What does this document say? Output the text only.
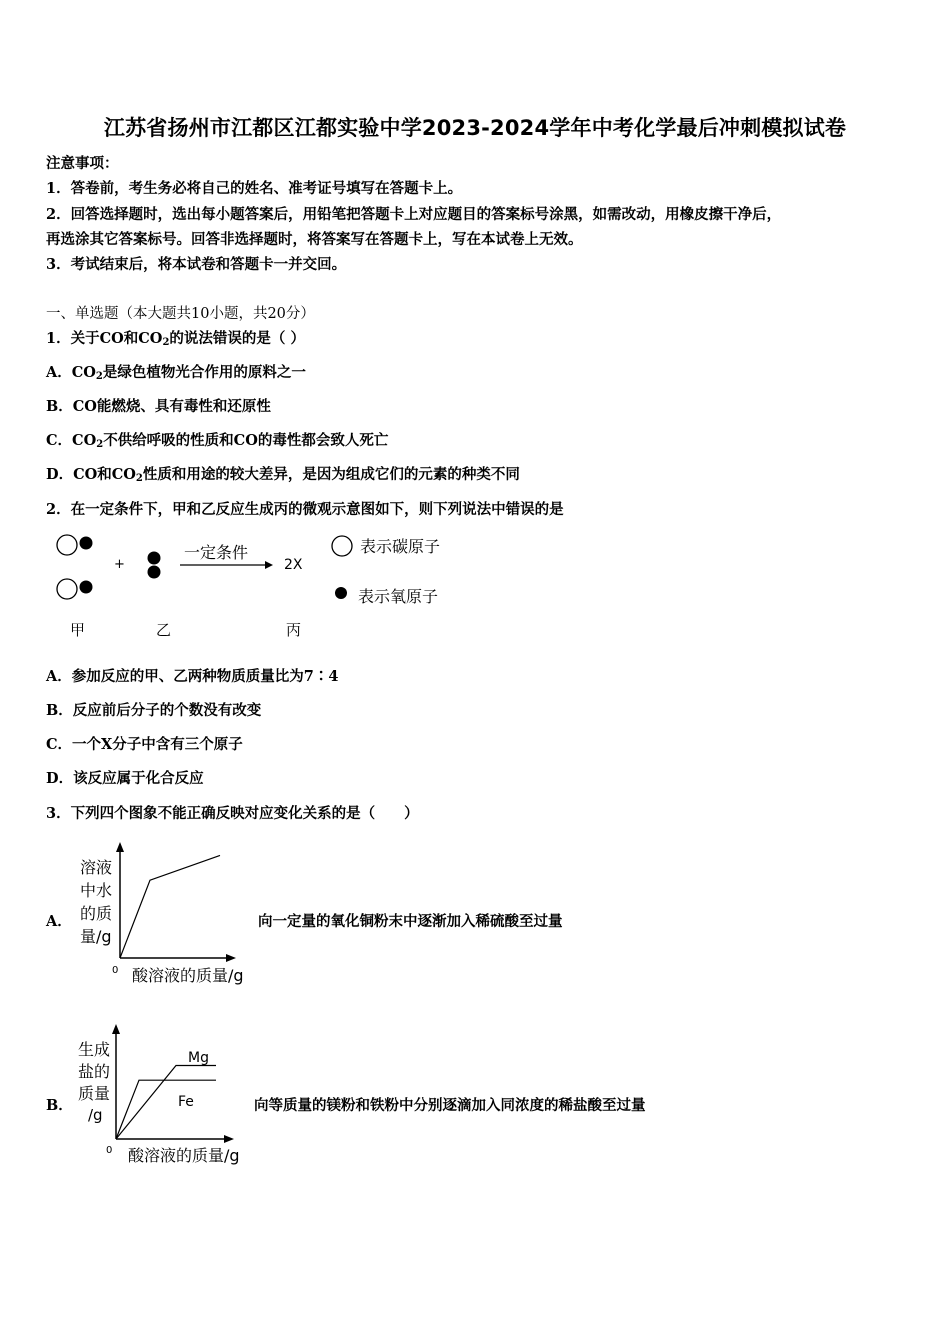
江苏省扬州市江都区江都实验中学2023-2024学年中考化学最后冲刺模拟试卷
注意事项：
1．答卷前，考生务必将自己的姓名、准考证号填写在答题卡上。
2．回答选择题时，选出每小题答案后，用铅笔把答题卡上对应题目的答案标号涂黑，如需改动，用橡皮擦干净后，
再选涂其它答案标号。回答非选择题时，将答案写在答题卡上，写在本试卷上无效。
3．考试结束后，将本试卷和答题卡一并交回。
一、单选题（本大题共10小题，共20分）
1．关于CO和$CO_2$的说法错误的是（ ）
A．$CO_2$是绿色植物光合作用的原料之一
B．CO能燃烧、具有毒性和还原性
C．$CO_2$不供给呼吸的性质和CO的毒性都会致人死亡
D．CO和$CO_2$性质和用途的较大差异，是因为组成它们的元素的种类不同
2．在一定条件下，甲和乙反应生成丙的微观示意图如下，则下列说法中错误的是
+
一定条件
2X
表示碳原子
表示氧原子
甲	乙	丙
A．参加反应的甲、乙两种物质质量比为7∶4
B．反应前后分子的个数没有改变
C．一个X分子中含有三个原子
D．该反应属于化合反应
3．下列四个图象不能正确反映对应变化关系的是（　　）
A．
溶液
中水
的质
量/g
0 酸溶液的质量/g
向一定量的氧化铜粉末中逐渐加入稀硫酸至过量
B．
生成
盐的
质量
/g
Mg
Fe
0 酸溶液的质量/g
向等质量的镁粉和铁粉中分别逐滴加入同浓度的稀盐酸至过量
